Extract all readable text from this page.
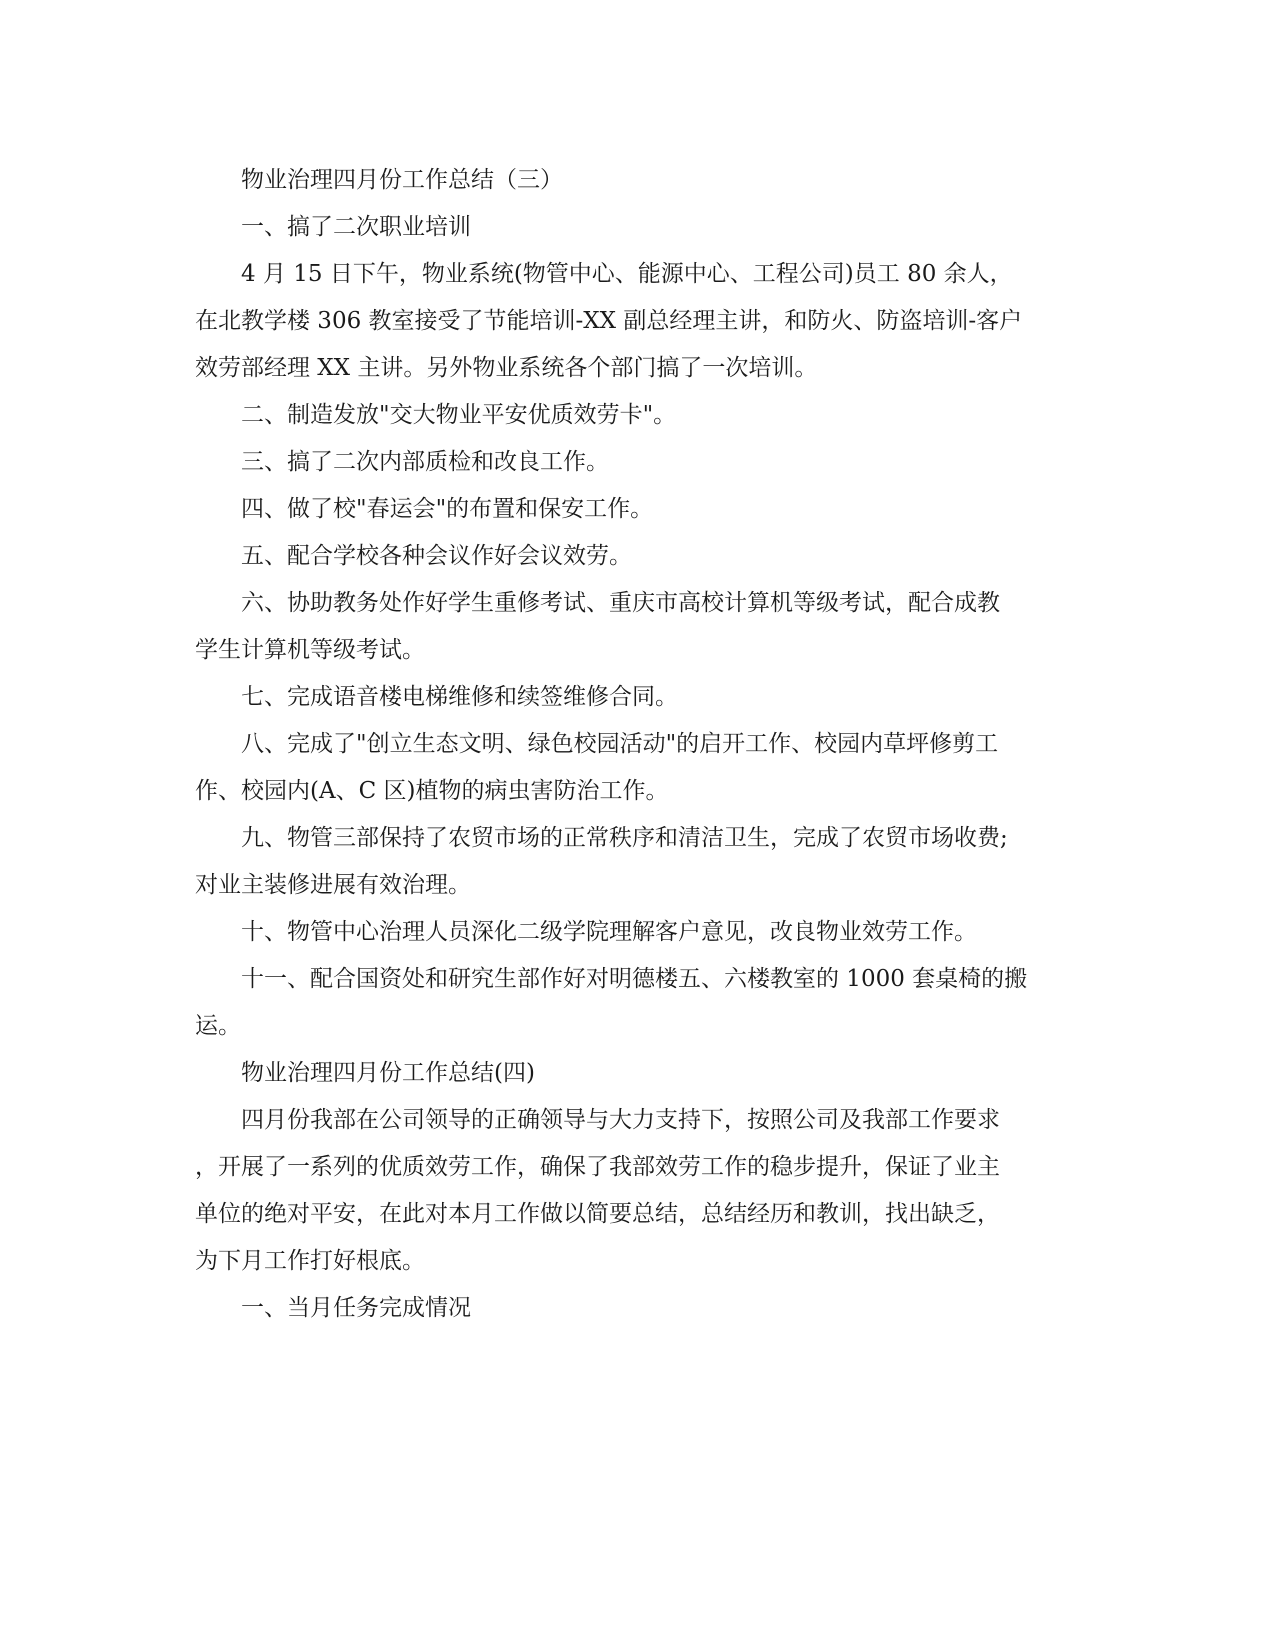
物业治理四月份工作总结（三）

一、搞了二次职业培训

4 月 15 日下午，物业系统(物管中心、能源中心、工程公司)员工 80 余人，
在北教学楼 306 教室接受了节能培训-XX 副总经理主讲，和防火、防盗培训-客户
效劳部经理 XX 主讲。另外物业系统各个部门搞了一次培训。

二、制造发放"交大物业平安优质效劳卡"。

三、搞了二次内部质检和改良工作。

四、做了校"春运会"的布置和保安工作。

五、配合学校各种会议作好会议效劳。

六、协助教务处作好学生重修考试、重庆市高校计算机等级考试，配合成教
学生计算机等级考试。

七、完成语音楼电梯维修和续签维修合同。

八、完成了"创立生态文明、绿色校园活动"的启开工作、校园内草坪修剪工
作、校园内(A、C 区)植物的病虫害防治工作。
九、物管三部保持了农贸市场的正常秩序和清洁卫生，完成了农贸市场收费;
对业主装修进展有效治理。

十、物管中心治理人员深化二级学院理解客户意见，改良物业效劳工作。

十一、配合国资处和研究生部作好对明德楼五、六楼教室的 1000 套桌椅的搬
运。

物业治理四月份工作总结(四)

四月份我部在公司领导的正确领导与大力支持下，按照公司及我部工作要求
，开展了一系列的优质效劳工作，确保了我部效劳工作的稳步提升，保证了业主
单位的绝对平安，在此对本月工作做以简要总结，总结经历和教训，找出缺乏，
为下月工作打好根底。

一、当月任务完成情况
